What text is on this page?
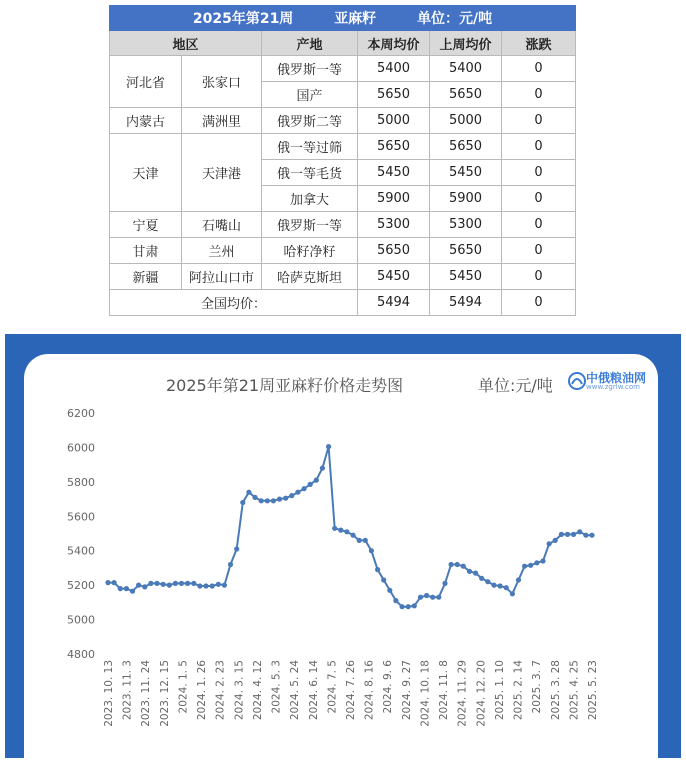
2025年第21周 亚麻籽 单位：元/吨					
地区		产地	本周均价	上周均价	涨跌
河北省	张家口	俄罗斯一等	5400	5400	0
		国产	5650	5650	0
内蒙古	满洲里	俄罗斯二等	5000	5000	0
天津	天津港	俄一等过筛	5650	5650	0
		俄一等毛货	5450	5450	0
		加拿大	5900	5900	0
宁夏	石嘴山	俄罗斯一等	5300	5300	0
甘肃	兰州	哈籽净籽	5650	5650	0
新疆	阿拉山口市	哈萨克斯坦	5450	5450	0
全国均价：			5494	5494	0
2025年第21周亚麻籽价格走势图	单位:元/吨	中俄粮油网
www.zgrlw.com
4800
5000
5200
5400
5600
5800
6000
6200
2023. 10. 13 2023. 11. 3 2023. 11. 24 2023. 12. 15 2024. 1. 5 2024. 1. 26 2024. 2. 23 2024. 3. 15 2024. 4. 12 2024. 5. 3 2024. 5. 24 2024. 6. 14 2024. 7. 5 2024. 7. 26 2024. 8. 16 2024. 9. 6 2024. 9. 27 2024. 10. 18 2024. 11. 8 2024. 11. 29 2024. 12. 20 2025. 1. 10 2025. 2. 14 2025. 3. 7 2025. 3. 28 2025. 4. 25 2025. 5. 23
